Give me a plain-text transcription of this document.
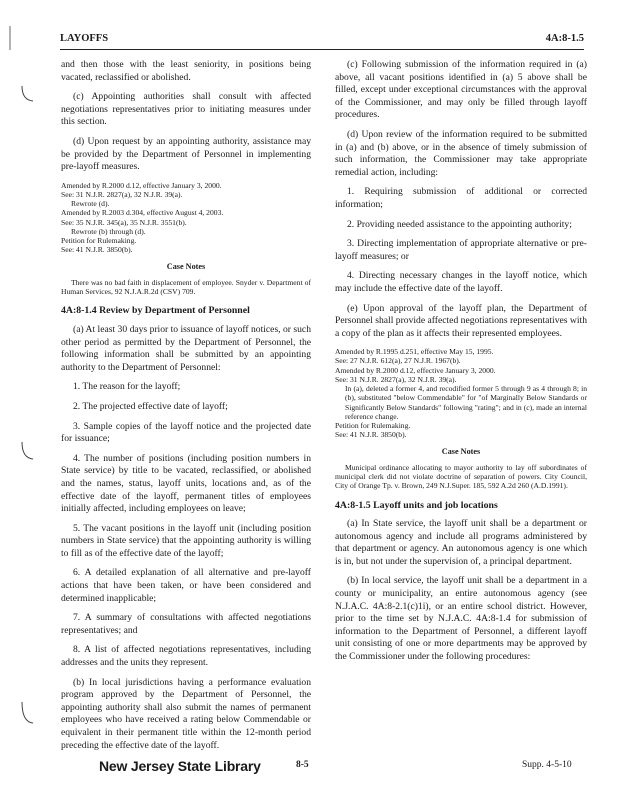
LAYOFFS	4A:8-1.5

and then those with the least seniority, in positions being vacated, reclassified or abolished.

(c) Appointing authorities shall consult with affected negotiations representatives prior to initiating measures under this section.

(d) Upon request by an appointing authority, assistance may be provided by the Department of Personnel in implementing pre-layoff measures.

Amended by R.2000 d.12, effective January 3, 2000.
See: 31 N.J.R. 2827(a), 32 N.J.R. 39(a).
Rewrote (d).
Amended by R.2003 d.304, effective August 4, 2003.
See: 35 N.J.R. 345(a), 35 N.J.R. 3551(b).
Rewrote (b) through (d).
Petition for Rulemaking.
See: 41 N.J.R. 3850(b).
Case Notes
There was no bad faith in displacement of employee. Snyder v. Department of Human Services, 92 N.J.A.R.2d (CSV) 709.
4A:8-1.4 Review by Department of Personnel

(a) At least 30 days prior to issuance of layoff notices, or such other period as permitted by the Department of Personnel, the following information shall be submitted by an appointing authority to the Department of Personnel:

1. The reason for the layoff;

2. The projected effective date of layoff;

3. Sample copies of the layoff notice and the projected date for issuance;

4. The number of positions (including position numbers in State service) by title to be vacated, reclassified, or abolished and the names, status, layoff units, locations and, as of the effective date of the layoff, permanent titles of employees initially affected, including employees on leave;

5. The vacant positions in the layoff unit (including position numbers in State service) that the appointing authority is willing to fill as of the effective date of the layoff;

6. A detailed explanation of all alternative and pre-layoff actions that have been taken, or have been considered and determined inapplicable;

7. A summary of consultations with affected negotiations representatives; and

8. A list of affected negotiations representatives, including addresses and the units they represent.

(b) In local jurisdictions having a performance evaluation program approved by the Department of Personnel, the appointing authority shall also submit the names of permanent employees who have received a rating below Commendable or equivalent in their permanent title within the 12-month period preceding the effective date of the layoff.

(c) Following submission of the information required in (a) above, all vacant positions identified in (a) 5 above shall be filled, except under exceptional circumstances with the approval of the Commissioner, and may only be filled through layoff procedures.

(d) Upon review of the information required to be submitted in (a) and (b) above, or in the absence of timely submission of such information, the Commissioner may take appropriate remedial action, including:

1. Requiring submission of additional or corrected information;

2. Providing needed assistance to the appointing authority;

3. Directing implementation of appropriate alternative or pre-layoff measures; or

4. Directing necessary changes in the layoff notice, which may include the effective date of the layoff.

(e) Upon approval of the layoff plan, the Department of Personnel shall provide affected negotiations representatives with a copy of the plan as it affects their represented employees.

Amended by R.1995 d.251, effective May 15, 1995.
See: 27 N.J.R. 612(a), 27 N.J.R. 1967(b).
Amended by R.2000 d.12, effective January 3, 2000.
See: 31 N.J.R. 2827(a), 32 N.J.R. 39(a).
In (a), deleted a former 4, and recodified former 5 through 9 as 4 through 8; in (b), substituted "below Commendable" for "of Marginally Below Standards or Significantly Below Standards" following "rating"; and in (c), made an internal reference change.
Petition for Rulemaking.
See: 41 N.J.R. 3850(b).
Case Notes
Municipal ordinance allocating to mayor authority to lay off subordinates of municipal clerk did not violate doctrine of separation of powers. City Council, City of Orange Tp. v. Brown, 249 N.J.Super. 185, 592 A.2d 260 (A.D.1991).
4A:8-1.5 Layoff units and job locations

(a) In State service, the layoff unit shall be a department or autonomous agency and include all programs administered by that department or agency. An autonomous agency is one which is in, but not under the supervision of, a principal department.

(b) In local service, the layoff unit shall be a department in a county or municipality, an entire autonomous agency (see N.J.A.C. 4A:8-2.1(c)1i), or an entire school district. However, prior to the time set by N.J.A.C. 4A:8-1.4 for submission of information to the Department of Personnel, a different layoff unit consisting of one or more departments may be approved by the Commissioner under the following procedures:

New Jersey State Library	8-5	Supp. 4-5-10
